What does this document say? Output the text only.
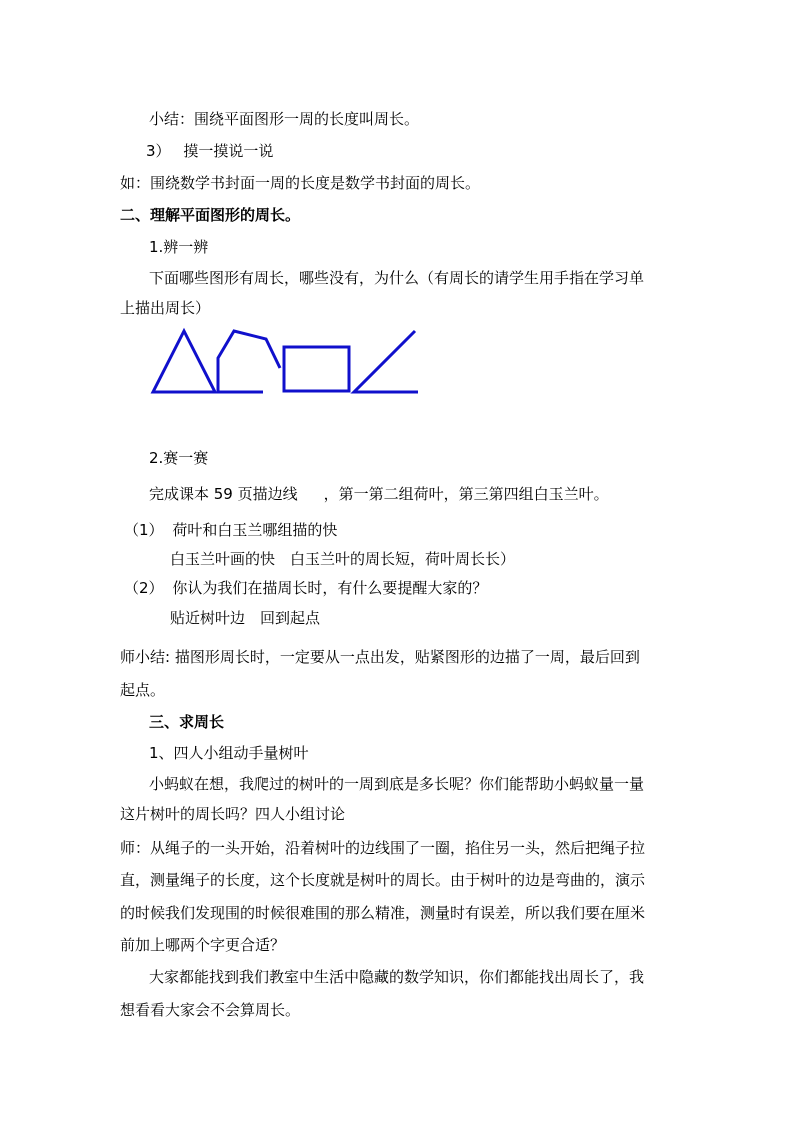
小结：围绕平面图形一周的长度叫周长。
3） 摸一摸说一说
如：围绕数学书封面一周的长度是数学书封面的周长。
二、理解平面图形的周长。
1.辨一辨
下面哪些图形有周长，哪些没有，为什么（有周长的请学生用手指在学习单
上描出周长）
2.赛一赛
完成课本 59 页描边线 ，第一第二组荷叶，第三第四组白玉兰叶。
（1） 荷叶和白玉兰哪组描的快
白玉兰叶画的快　白玉兰叶的周长短，荷叶周长长）
（2） 你认为我们在描周长时，有什么要提醒大家的？
贴近树叶边　回到起点
师小结: 描图形周长时，一定要从一点出发，贴紧图形的边描了一周，最后回到
起点。
三、求周长
1、四人小组动手量树叶
小蚂蚁在想，我爬过的树叶的一周到底是多长呢？你们能帮助小蚂蚁量一量
这片树叶的周长吗？四人小组讨论
师：从绳子的一头开始，沿着树叶的边线围了一圈，掐住另一头，然后把绳子拉
直，测量绳子的长度，这个长度就是树叶的周长。由于树叶的边是弯曲的，演示
的时候我们发现围的时候很难围的那么精准，测量时有误差，所以我们要在厘米
前加上哪两个字更合适？
大家都能找到我们教室中生活中隐藏的数学知识，你们都能找出周长了，我
想看看大家会不会算周长。
